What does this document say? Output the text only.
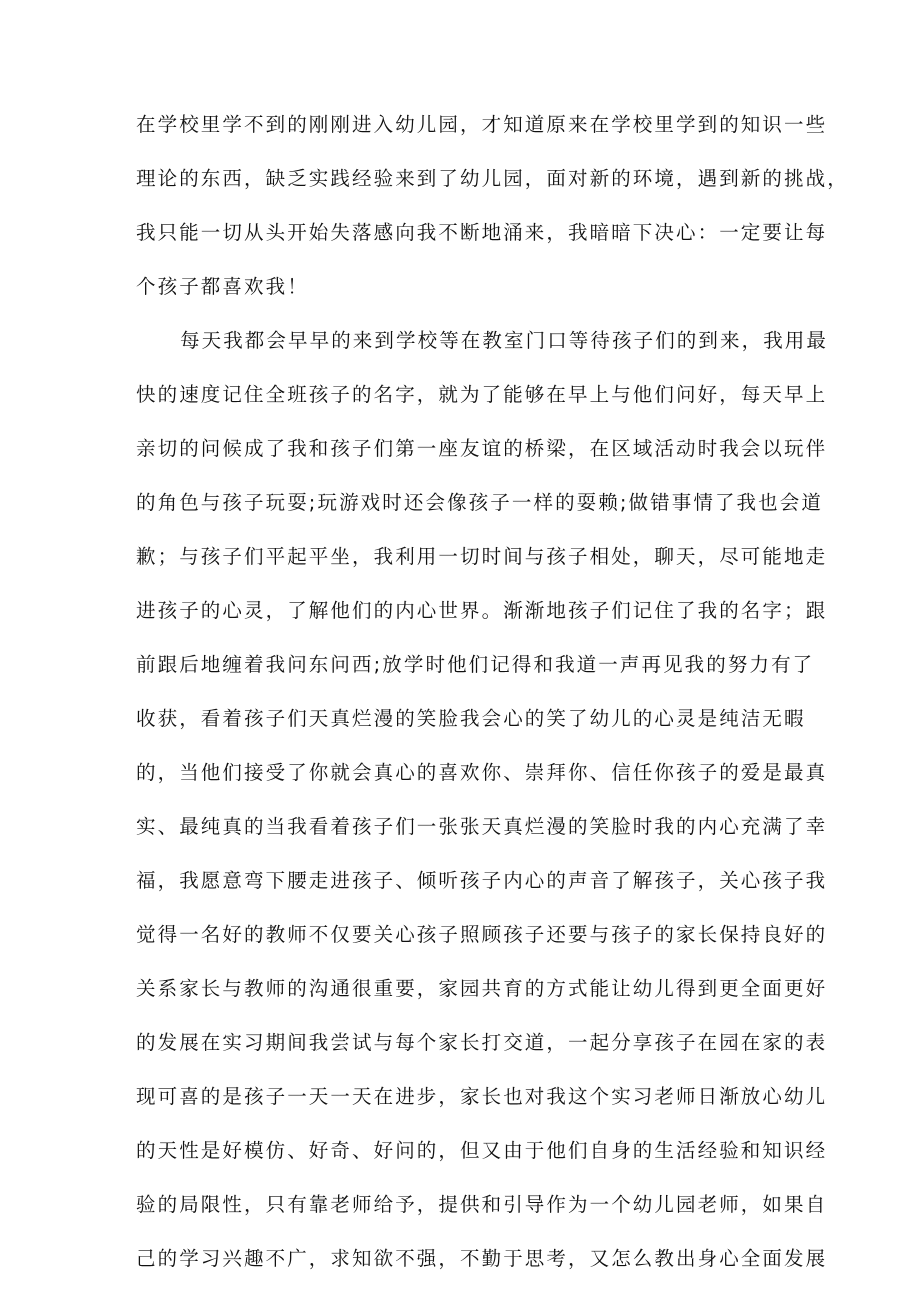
在学校里学不到的刚刚进入幼儿园，才知道原来在学校里学到的知识一些
理论的东西，缺乏实践经验来到了幼儿园，面对新的环境，遇到新的挑战，
我只能一切从头开始失落感向我不断地涌来，我暗暗下决心：一定要让每
个孩子都喜欢我！
每天我都会早早的来到学校等在教室门口等待孩子们的到来，我用最
快的速度记住全班孩子的名字，就为了能够在早上与他们问好，每天早上
亲切的问候成了我和孩子们第一座友谊的桥梁，在区域活动时我会以玩伴
的角色与孩子玩耍;玩游戏时还会像孩子一样的耍赖;做错事情了我也会道
歉；与孩子们平起平坐，我利用一切时间与孩子相处，聊天，尽可能地走
进孩子的心灵，了解他们的内心世界。渐渐地孩子们记住了我的名字；跟
前跟后地缠着我问东问西;放学时他们记得和我道一声再见我的努力有了
收获，看着孩子们天真烂漫的笑脸我会心的笑了幼儿的心灵是纯洁无暇
的，当他们接受了你就会真心的喜欢你、崇拜你、信任你孩子的爱是最真
实、最纯真的当我看着孩子们一张张天真烂漫的笑脸时我的内心充满了幸
福，我愿意弯下腰走进孩子、倾听孩子内心的声音了解孩子，关心孩子我
觉得一名好的教师不仅要关心孩子照顾孩子还要与孩子的家长保持良好的
关系家长与教师的沟通很重要，家园共育的方式能让幼儿得到更全面更好
的发展在实习期间我尝试与每个家长打交道，一起分享孩子在园在家的表
现可喜的是孩子一天一天在进步，家长也对我这个实习老师日渐放心幼儿
的天性是好模仿、好奇、好问的，但又由于他们自身的生活经验和知识经
验的局限性，只有靠老师给予，提供和引导作为一个幼儿园老师，如果自
己的学习兴趣不广，求知欲不强，不勤于思考，又怎么教出身心全面发展
